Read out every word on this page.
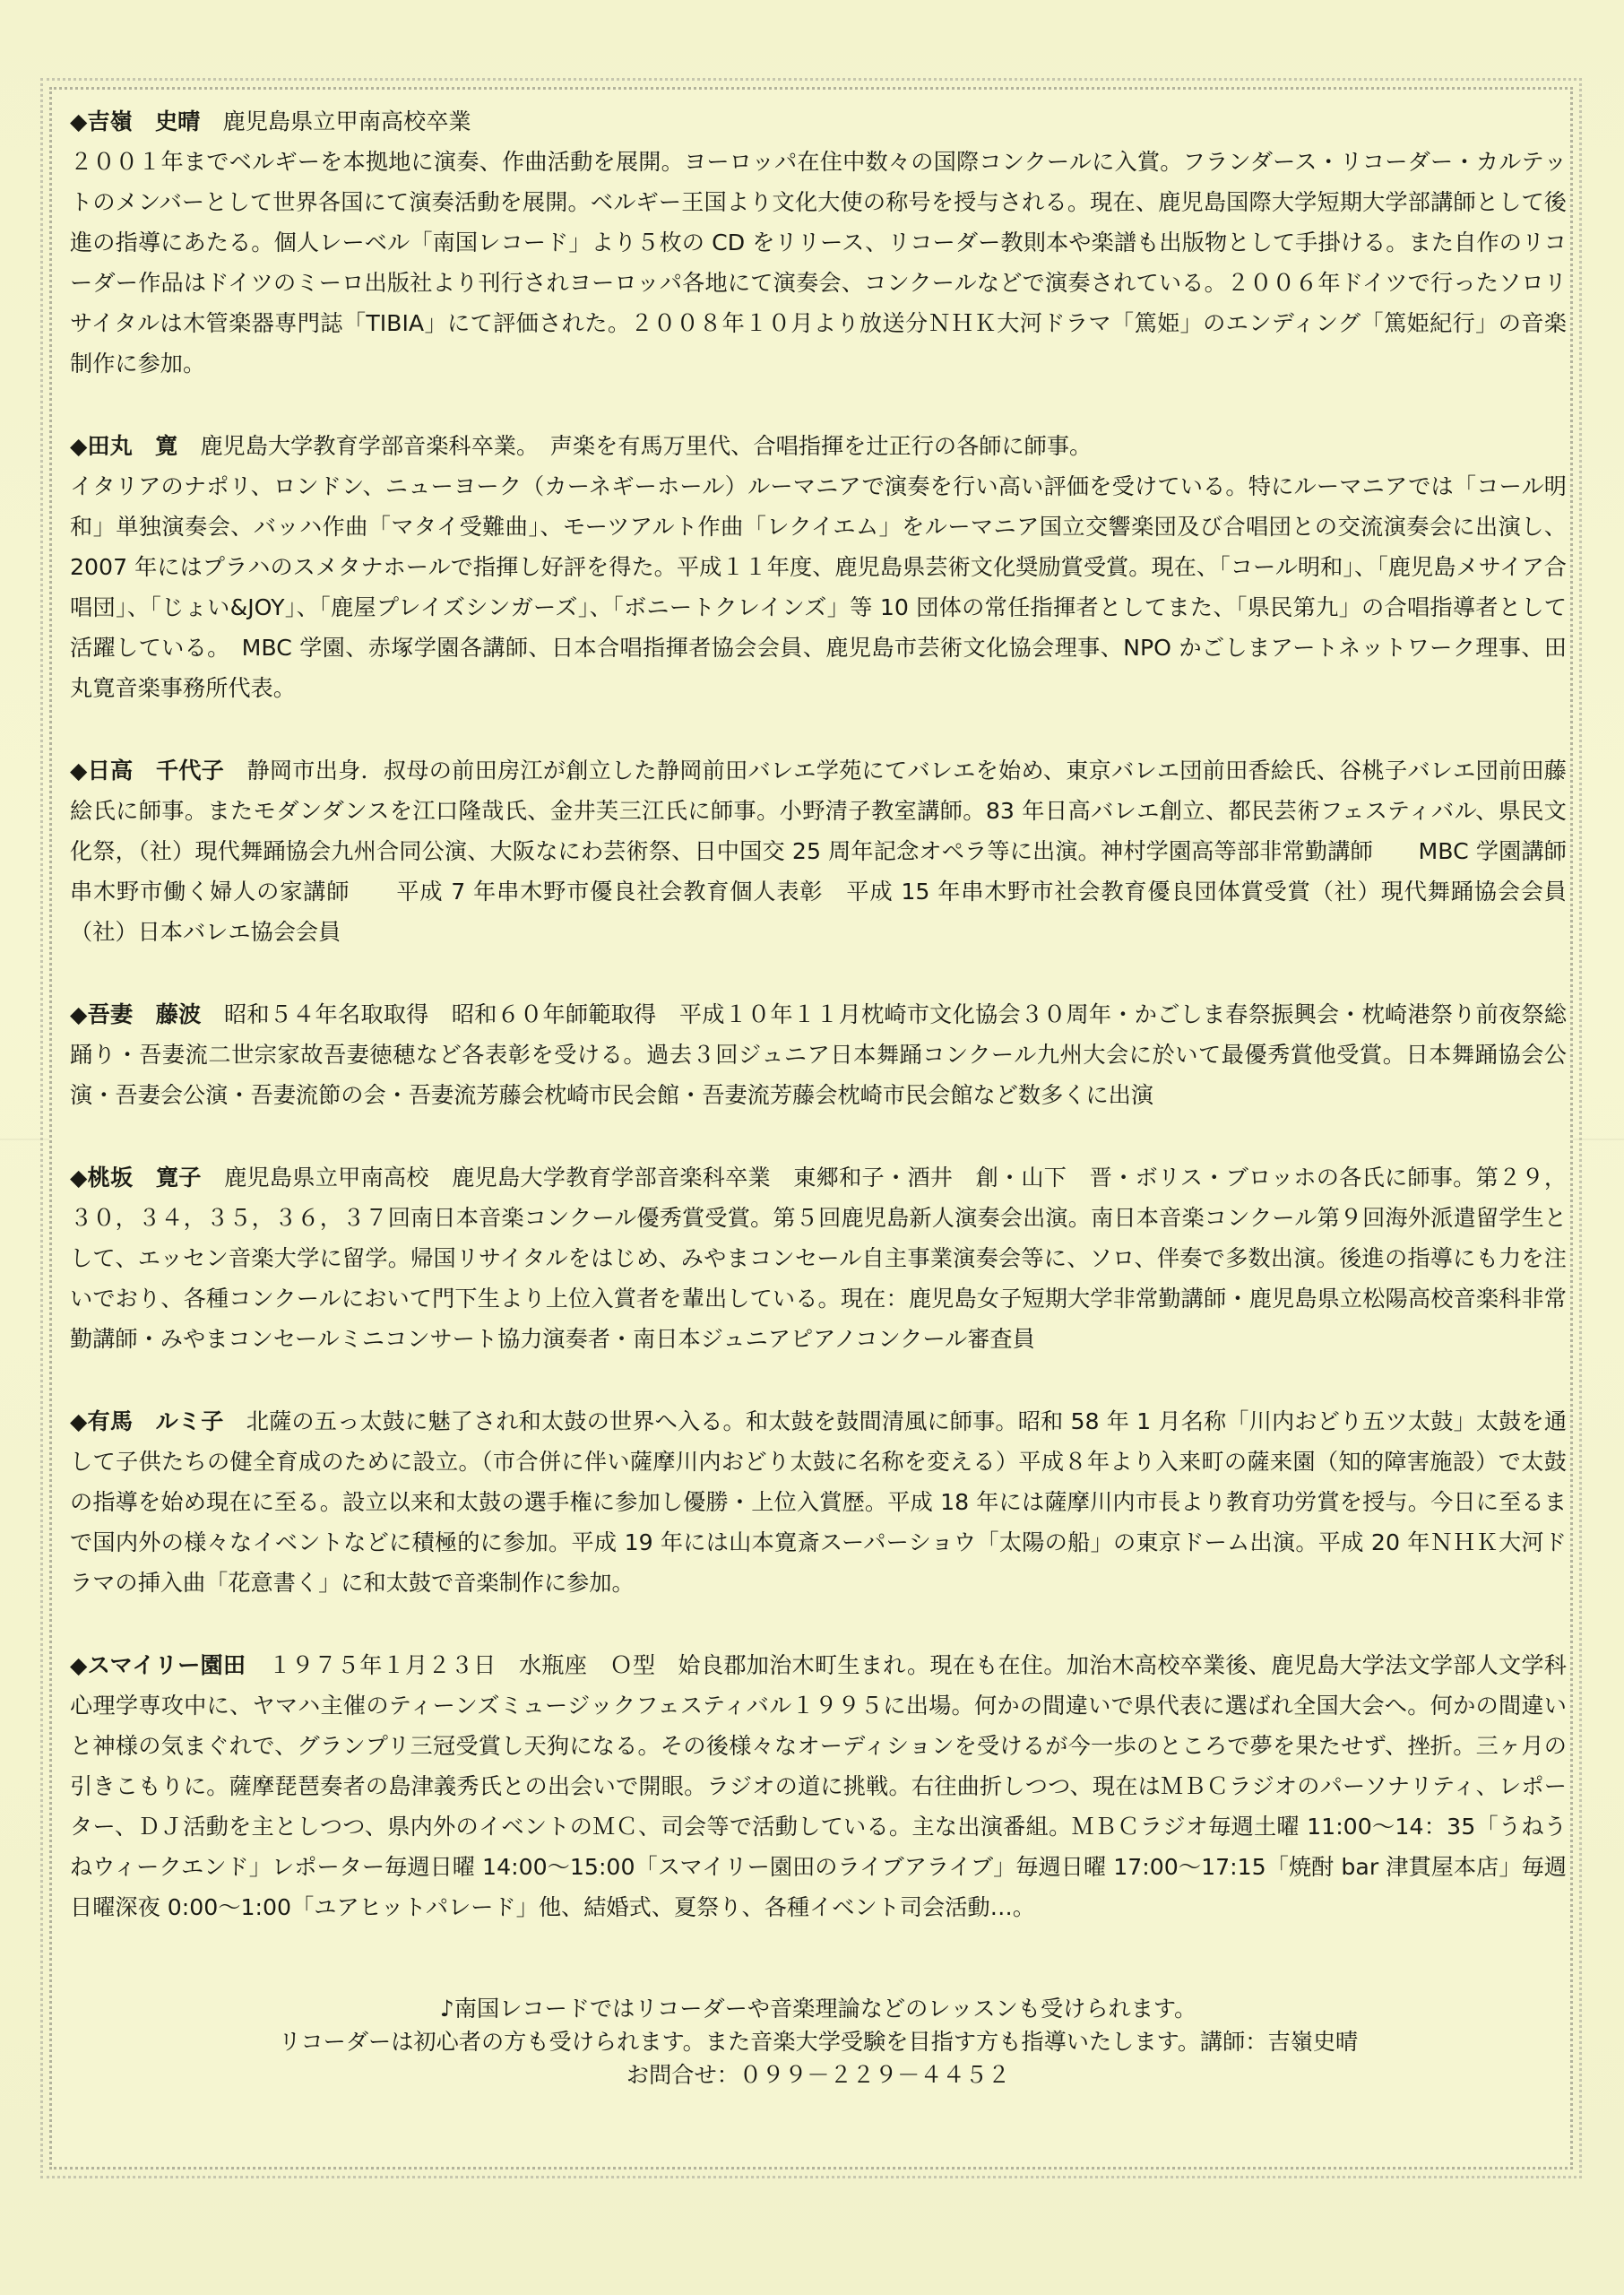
◆吉嶺　史晴　鹿児島県立甲南高校卒業
２００１年までベルギーを本拠地に演奏、作曲活動を展開。ヨーロッパ在住中数々の国際コンクールに入賞。フランダース・リコーダー・カルテットのメンバーとして世界各国にて演奏活動を展開。ベルギー王国より文化大使の称号を授与される。現在、鹿児島国際大学短期大学部講師として後進の指導にあたる。個人レーベル「南国レコード」より５枚の CD をリリース、リコーダー教則本や楽譜も出版物として手掛ける。また自作のリコーダー作品はドイツのミーロ出版社より刊行されヨーロッパ各地にて演奏会、コンクールなどで演奏されている。２００６年ドイツで行ったソロリサイタルは木管楽器専門誌「TIBIA」にて評価された。２００８年１０月より放送分ＮＨＫ大河ドラマ「篤姫」のエンディング「篤姫紀行」の音楽制作に参加。

◆田丸　寛　鹿児島大学教育学部音楽科卒業。　声楽を有馬万里代、合唱指揮を辻正行の各師に師事。
イタリアのナポリ、ロンドン、ニューヨーク（カーネギーホール）ルーマニアで演奏を行い高い評価を受けている。特にルーマニアでは「コール明和」単独演奏会、バッハ作曲「マタイ受難曲」、モーツアルト作曲「レクイエム」をルーマニア国立交響楽団及び合唱団との交流演奏会に出演し、2007 年にはプラハのスメタナホールで指揮し好評を得た。平成１１年度、鹿児島県芸術文化奨励賞受賞。現在、「コール明和」、「鹿児島メサイア合唱団」、「じょい&JOY」、「鹿屋プレイズシンガーズ」、「ボニートクレインズ」等 10 団体の常任指揮者としてまた、「県民第九」の合唱指導者として活躍している。　MBC 学園、赤塚学園各講師、日本合唱指揮者協会会員、鹿児島市芸術文化協会理事、NPO かごしまアートネットワーク理事、田丸寛音楽事務所代表。

◆日高　千代子　静岡市出身．叔母の前田房江が創立した静岡前田バレエ学苑にてバレエを始め、東京バレエ団前田香絵氏、谷桃子バレエ団前田藤絵氏に師事。またモダンダンスを江口隆哉氏、金井芙三江氏に師事。小野清子教室講師。83 年日高バレエ創立、都民芸術フェスティバル、県民文化祭，（社）現代舞踊協会九州合同公演、大阪なにわ芸術祭、日中国交 25 周年記念オペラ等に出演。神村学園高等部非常勤講師　　MBC 学園講師　　串木野市働く婦人の家講師　　平成 7 年串木野市優良社会教育個人表彰　平成 15 年串木野市社会教育優良団体賞受賞（社）現代舞踊協会会員　（社）日本バレエ協会会員

◆吾妻　藤波　昭和５４年名取取得　昭和６０年師範取得　平成１０年１１月枕崎市文化協会３０周年・かごしま春祭振興会・枕崎港祭り前夜祭総踊り・吾妻流二世宗家故吾妻徳穂など各表彰を受ける。過去３回ジュニア日本舞踊コンクール九州大会に於いて最優秀賞他受賞。日本舞踊協会公演・吾妻会公演・吾妻流節の会・吾妻流芳藤会枕崎市民会館・吾妻流芳藤会枕崎市民会館など数多くに出演

◆桃坂　寛子　鹿児島県立甲南高校　鹿児島大学教育学部音楽科卒業　東郷和子・酒井　創・山下　晋・ボリス・ブロッホの各氏に師事。第２９，３０，３４，３５，３６，３７回南日本音楽コンクール優秀賞受賞。第５回鹿児島新人演奏会出演。南日本音楽コンクール第９回海外派遣留学生として、エッセン音楽大学に留学。帰国リサイタルをはじめ、みやまコンセール自主事業演奏会等に、ソロ、伴奏で多数出演。後進の指導にも力を注いでおり、各種コンクールにおいて門下生より上位入賞者を輩出している。現在：鹿児島女子短期大学非常勤講師・鹿児島県立松陽高校音楽科非常勤講師・みやまコンセールミニコンサート協力演奏者・南日本ジュニアピアノコンクール審査員

◆有馬　ルミ子　北薩の五っ太鼓に魅了され和太鼓の世界へ入る。和太鼓を鼓間清風に師事。昭和 58 年 1 月名称「川内おどり五ツ太鼓」太鼓を通して子供たちの健全育成のために設立。（市合併に伴い薩摩川内おどり太鼓に名称を変える）平成８年より入来町の薩来園（知的障害施設）で太鼓の指導を始め現在に至る。設立以来和太鼓の選手権に参加し優勝・上位入賞歴。平成 18 年には薩摩川内市長より教育功労賞を授与。今日に至るまで国内外の様々なイベントなどに積極的に参加。平成 19 年には山本寛斎スーパーショウ「太陽の船」の東京ドーム出演。平成 20 年ＮＨＫ大河ドラマの挿入曲「花意書く」に和太鼓で音楽制作に参加。

◆スマイリー園田　１９７５年１月２３日　水瓶座　Ｏ型　姶良郡加治木町生まれ。現在も在住。加治木高校卒業後、鹿児島大学法文学部人文学科心理学専攻中に、ヤマハ主催のティーンズミュージックフェスティバル１９９５に出場。何かの間違いで県代表に選ばれ全国大会へ。何かの間違いと神様の気まぐれで、グランプリ三冠受賞し天狗になる。その後様々なオーディションを受けるが今一歩のところで夢を果たせず、挫折。三ヶ月の引きこもりに。薩摩琵琶奏者の島津義秀氏との出会いで開眼。ラジオの道に挑戦。右往曲折しつつ、現在はＭＢＣラジオのパーソナリティ、レポーター、ＤＪ活動を主としつつ、県内外のイベントのＭＣ、司会等で活動している。主な出演番組。ＭＢＣラジオ毎週土曜 11:00～14：35「うねうねウィークエンド」レポーター毎週日曜 14:00～15:00「スマイリー園田のライブアライブ」毎週日曜 17:00～17:15「焼酎 bar 津貫屋本店」毎週日曜深夜 0:00～1:00「ユアヒットパレード」他、結婚式、夏祭り、各種イベント司会活動…。

♪南国レコードではリコーダーや音楽理論などのレッスンも受けられます。

リコーダーは初心者の方も受けられます。また音楽大学受験を目指す方も指導いたします。講師：吉嶺史晴

お問合せ：０９９－２２９－４４５２
